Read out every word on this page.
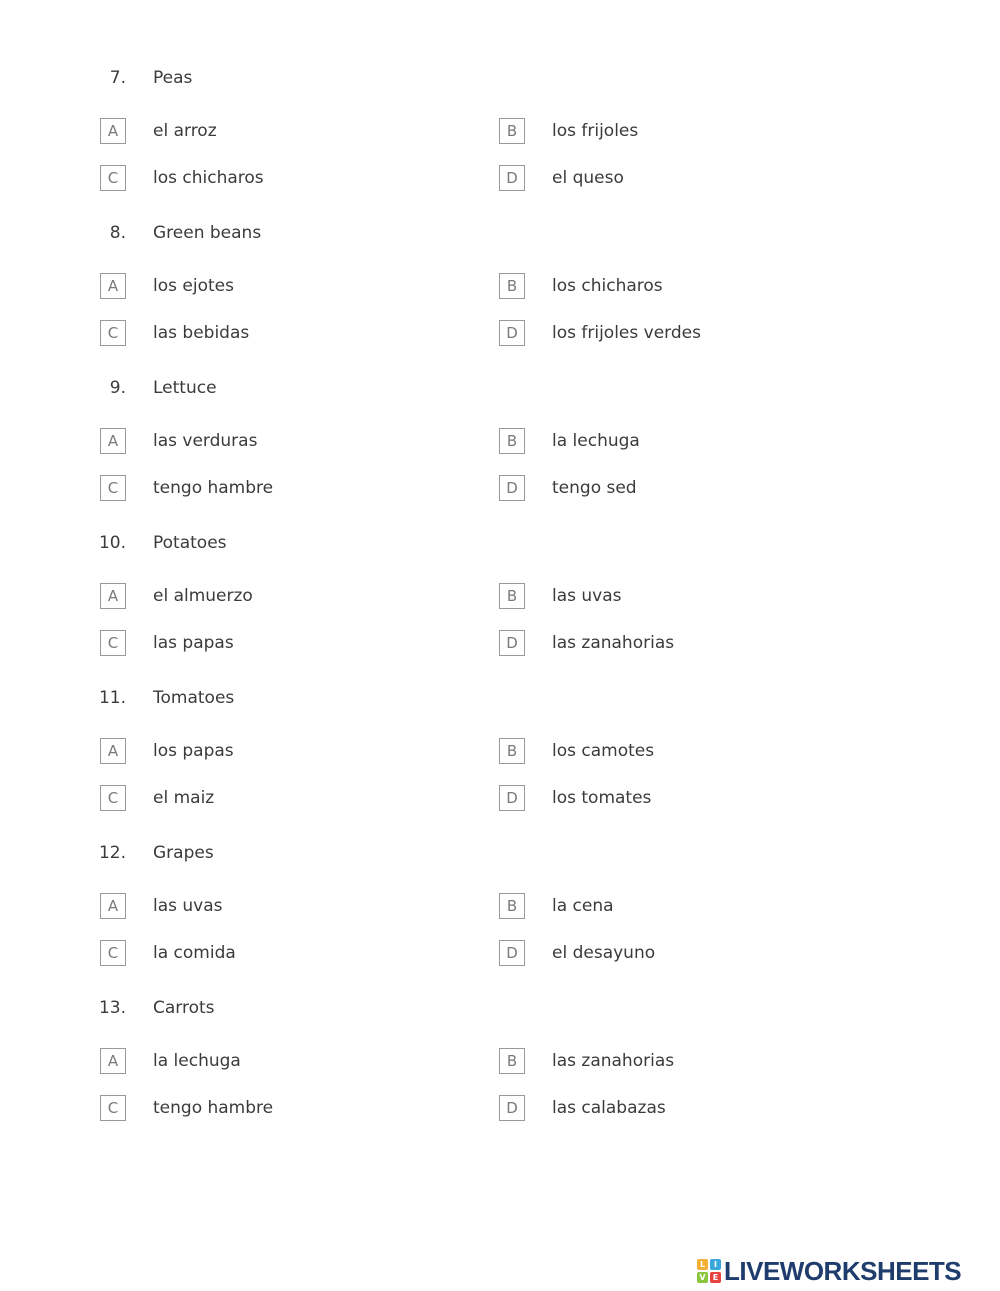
7. Peas
A	el arroz	B	los frijoles
C	los chicharos	D	el queso
8. Green beans
A	los ejotes	B	los chicharos
C	las bebidas	D	los frijoles verdes
9. Lettuce
A	las verduras	B	la lechuga
C	tengo hambre	D	tengo sed
10. Potatoes
A	el almuerzo	B	las uvas
C	las papas	D	las zanahorias
11. Tomatoes
A	los papas	B	los camotes
C	el maiz	D	los tomates
12. Grapes
A	las uvas	B	la cena
C	la comida	D	el desayuno
13. Carrots
A	la lechuga	B	las zanahorias
C	tengo hambre	D	las calabazas
L	I
V E LIVEWORKSHEETS
